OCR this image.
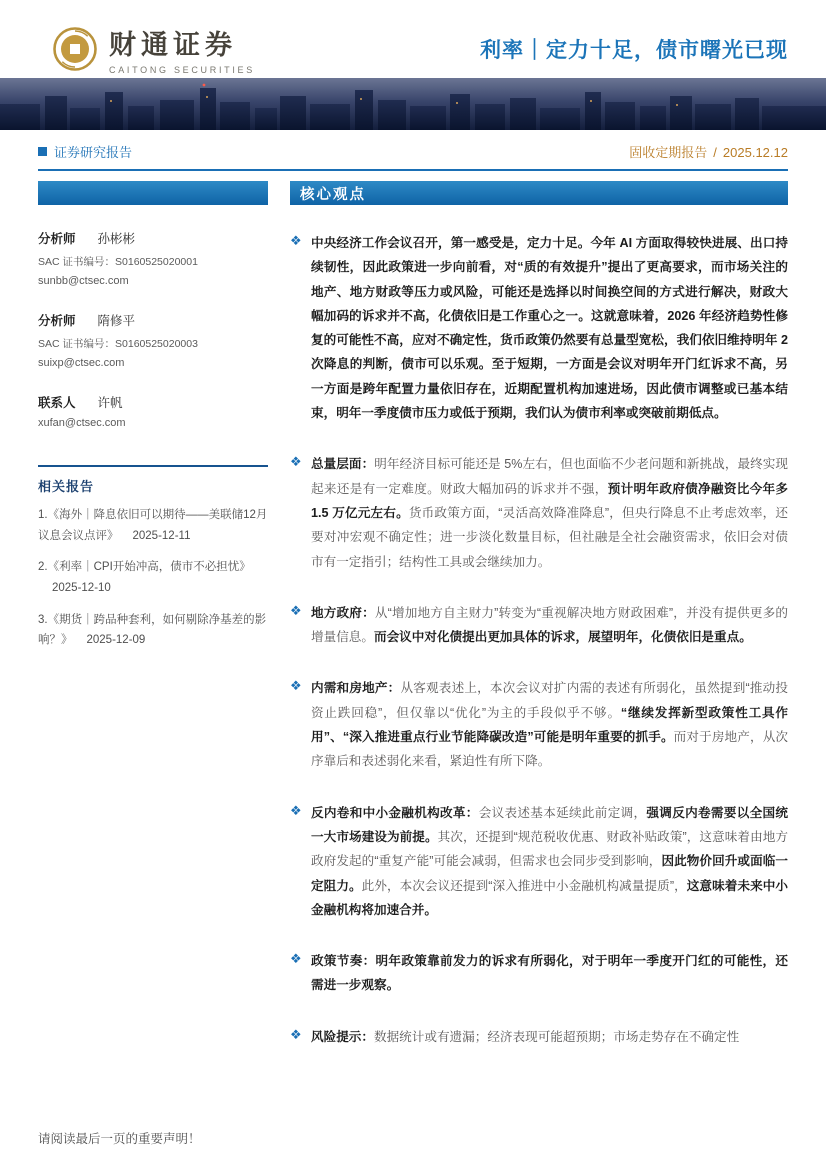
财通证券
CAITONG SECURITIES
利率｜定力十足，债市曙光已现
证券研究报告	固收定期报告 / 2025.12.12
分析师 孙彬彬
SAC 证书编号：S0160525020001
sunbb@ctsec.com
分析师 隋修平
SAC 证书编号：S0160525020003
suixp@ctsec.com
联系人 许帆
xufan@ctsec.com
相关报告
1.《海外｜降息依旧可以期待——美联储12月议息会议点评》 2025-12-11
2.《利率｜CPI开始冲高，债市不必担忧》2025-12-10
3.《期货｜跨品种套利，如何剔除净基差的影响？》 2025-12-09
核心观点
❖ 中央经济工作会议召开，第一感受是，定力十足。今年 AI 方面取得较快进展、出口持续韧性，因此政策进一步向前看，对“质的有效提升”提出了更高要求，而市场关注的地产、地方财政等压力或风险，可能还是选择以时间换空间的方式进行解决，财政大幅加码的诉求并不高，化债依旧是工作重心之一。这就意味着，2026 年经济趋势性修复的可能性不高，应对不确定性，货币政策仍然要有总量型宽松，我们依旧维持明年 2 次降息的判断，债市可以乐观。至于短期，一方面是会议对明年开门红诉求不高，另一方面是跨年配置力量依旧存在，近期配置机构加速进场，因此债市调整或已基本结束，明年一季度债市压力或低于预期，我们认为债市利率或突破前期低点。

❖ 总量层面：明年经济目标可能还是 5%左右，但也面临不少老问题和新挑战，最终实现起来还是有一定难度。财政大幅加码的诉求并不强，预计明年政府债净融资比今年多 1.5 万亿元左右。货币政策方面，“灵活高效降准降息”，但央行降息不止考虑效率，还要对冲宏观不确定性；进一步淡化数量目标，但社融是全社会融资需求，依旧会对债市有一定指引；结构性工具或会继续加力。

❖ 地方政府：从“增加地方自主财力”转变为“重视解决地方财政困难”，并没有提供更多的增量信息。而会议中对化债提出更加具体的诉求，展望明年，化债依旧是重点。

❖ 内需和房地产：从客观表述上，本次会议对扩内需的表述有所弱化，虽然提到“推动投资止跌回稳”，但仅靠以“优化”为主的手段似乎不够。“继续发挥新型政策性工具作用”、“深入推进重点行业节能降碳改造”可能是明年重要的抓手。而对于房地产，从次序靠后和表述弱化来看，紧迫性有所下降。

❖ 反内卷和中小金融机构改革：会议表述基本延续此前定调，强调反内卷需要以全国统一大市场建设为前提。其次，还提到“规范税收优惠、财政补贴政策”，这意味着由地方政府发起的“重复产能”可能会减弱，但需求也会同步受到影响，因此物价回升或面临一定阻力。此外，本次会议还提到“深入推进中小金融机构减量提质”，这意味着未来中小金融机构将加速合并。

❖ 政策节奏：明年政策靠前发力的诉求有所弱化，对于明年一季度开门红的可能性，还需进一步观察。

❖ 风险提示：数据统计或有遗漏；经济表现可能超预期；市场走势存在不确定性

请阅读最后一页的重要声明！
